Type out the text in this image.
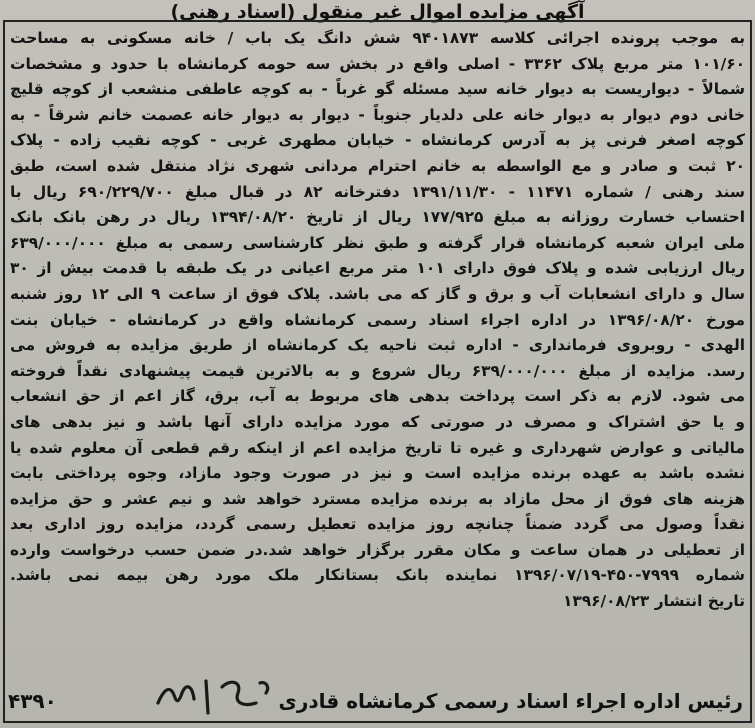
آگهی مزایده اموال غیر منقول (اسناد رهنی)
به موجب پرونده اجرائی کلاسه ۹۴۰۱۸۷۳ شش دانگ یک باب / خانه مسکونی به مساحت
۱۰۱/۶۰ متر مربع پلاک ۳۳۶۲ - اصلی واقع در بخش سه حومه کرمانشاه با حدود و مشخصات
شمالاً - دیواریست به دیوار خانه سید مسئله گو غرباً - به کوچه عاطفی منشعب از کوچه قلیچ
خانی دوم دیوار به دیوار خانه علی دلدیار جنوباً - دیوار به دیوار خانه عصمت خانم شرقاً - به
کوچه اصغر فرنی پز به آدرس کرمانشاه - خیابان مطهری غربی - کوچه نقیب زاده - پلاک
۲۰ ثبت و صادر و مع الواسطه به خانم احترام مردانی شهری نژاد منتقل شده است، طبق
سند رهنی / شماره ۱۱۴۷۱ - ۱۳۹۱/۱۱/۳۰ دفترخانه ۸۲ در قبال مبلغ ۶۹۰/۲۲۹/۷۰۰ ریال با
احتساب خسارت روزانه به مبلغ ۱۷۷/۹۲۵ ریال از تاریخ ۱۳۹۴/۰۸/۲۰ ریال در رهن بانک بانک
ملی ایران شعبه کرمانشاه قرار گرفته و طبق نظر کارشناسی رسمی به مبلغ ۶۳۹/۰۰۰/۰۰۰
ریال ارزیابی شده و پلاک فوق دارای ۱۰۱ متر مربع اعیانی در یک طبقه با قدمت بیش از ۳۰
سال و دارای انشعابات آب و برق و گاز که می باشد. پلاک فوق از ساعت ۹ الی ۱۲ روز شنبه
مورخ ۱۳۹۶/۰۸/۲۰ در اداره اجراء اسناد رسمی کرمانشاه واقع در کرمانشاه - خیابان بنت
الهدی - روبروی فرمانداری - اداره ثبت ناحیه یک کرمانشاه از طریق مزایده به فروش می
رسد. مزایده از مبلغ ۶۳۹/۰۰۰/۰۰۰ ریال شروع و به بالاترین قیمت پیشنهادی نقداً فروخته
می شود. لازم به ذکر است پرداخت بدهی های مربوط به آب، برق، گاز اعم از حق انشعاب
و یا حق اشتراک و مصرف در صورتی که مورد مزایده دارای آنها باشد و نیز بدهی های
مالیاتی و عوارض شهرداری و غیره تا تاریخ مزایده اعم از اینکه رقم قطعی آن معلوم شده یا
نشده باشد به عهده برنده مزایده است و نیز در صورت وجود مازاد، وجوه پرداختی بابت
هزینه های فوق از محل مازاد به برنده مزایده مسترد خواهد شد و نیم عشر و حق مزایده
نقداً وصول می گردد ضمناً چنانچه روز مزایده تعطیل رسمی گردد، مزایده روز اداری بعد
از تعطیلی در همان ساعت و مکان مقرر برگزار خواهد شد.در ضمن حسب درخواست وارده
شماره ۷۹۹۹-۴۵۰-۱۳۹۶/۰۷/۱۹ نماینده بانک بستانکار ملک مورد رهن بیمه نمی باشد.
تاریخ انتشار ۱۳۹۶/۰۸/۲۳
رئیس اداره اجراء اسناد رسمی کرمانشاه قادری
۴۳۹۰
